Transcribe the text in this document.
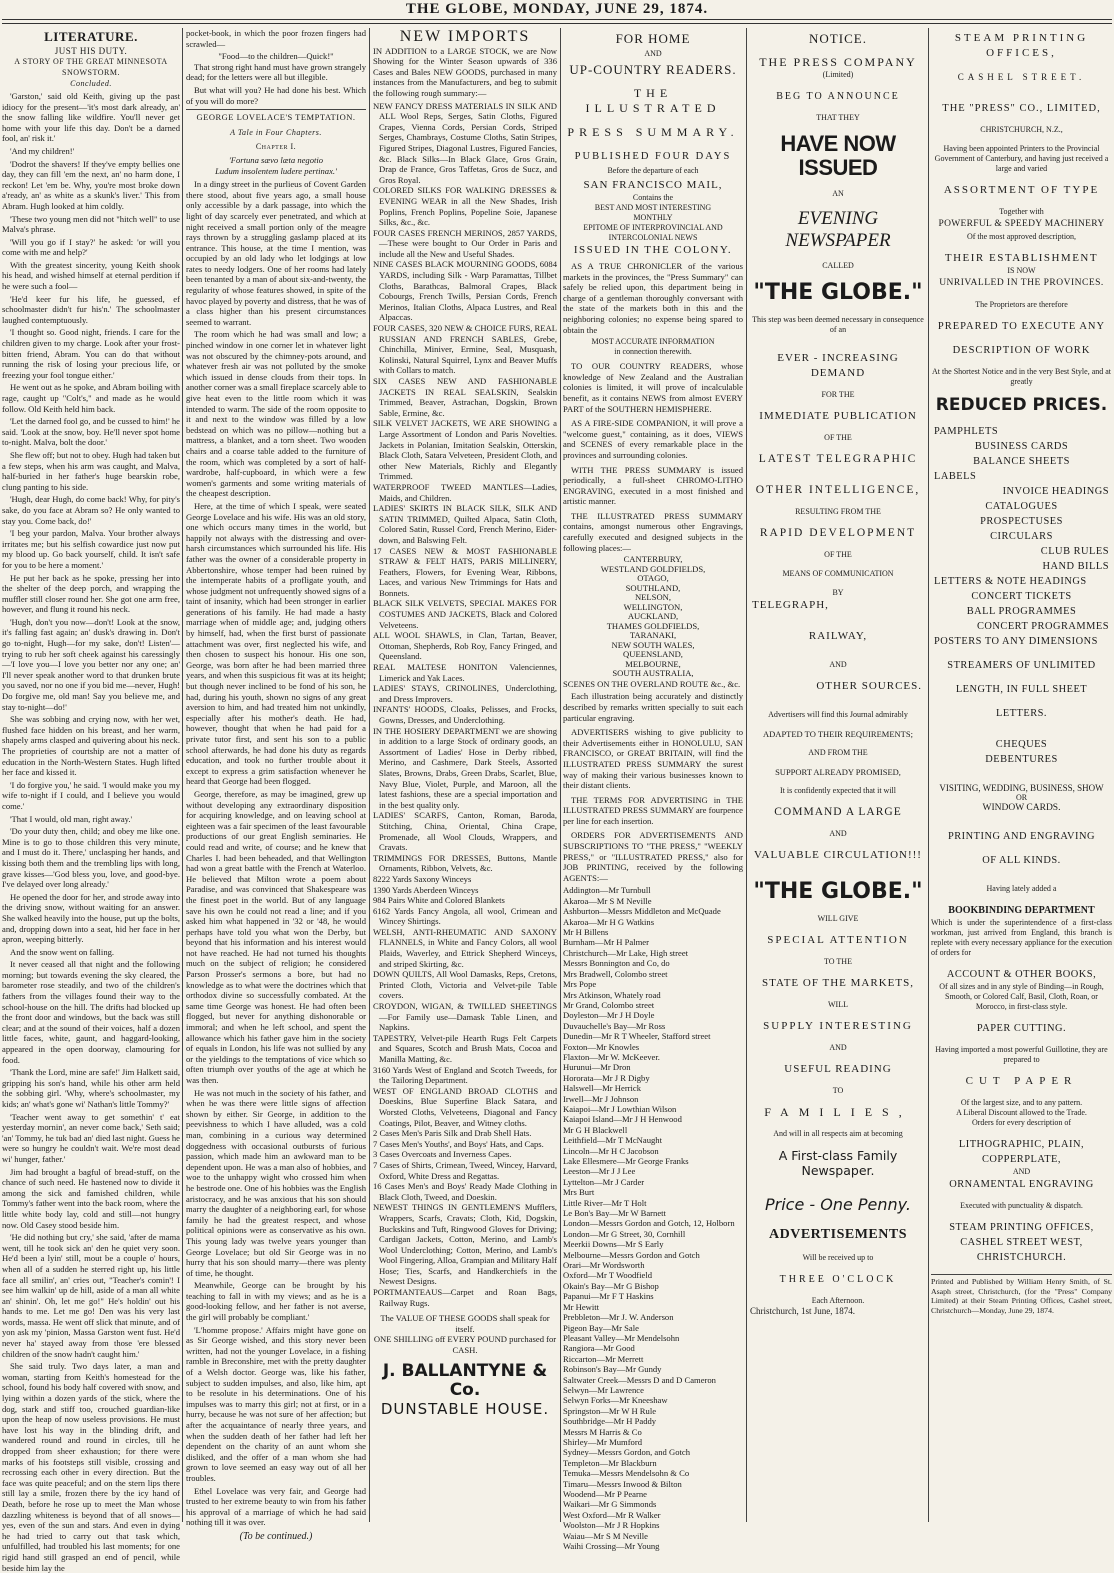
THE GLOBE, MONDAY, JUNE 29, 1874.
LITERATURE.
JUST HIS DUTY.
A STORY OF THE GREAT MINNESOTA SNOWSTORM.
Concluded.

'Garston,' said old Keith, giving up the past idiocy for the present—'it's most dark already, an' the snow falling like wildfire. You'll never get home with your life this day. Don't be a darned fool, an' risk it.'

'And my children!'

'Dodrot the shavers! If they've empty bellies one day, they can fill 'em the next, an' no harm done, I reckon! Let 'em be. Why, you're most broke down a'ready, an' as white as a skunk's liver.' This from Abram. Hugh looked at him coldly.

'These two young men did not "hitch well" to use Malva's phrase.

'Will you go if I stay?' he asked: 'or will you come with me and help?'

With the greatest sincerity, young Keith shook his head, and wished himself at eternal perdition if he were such a fool—

'He'd keer fur his life, he guessed, ef schoolmaster didn't fur his'n.' The schoolmaster laughed contemptuously.

'I thought so. Good night, friends. I care for the children given to my charge. Look after your frost-bitten friend, Abram. You can do that without running the risk of losing your precious life, or freezing your fool tongue either.'

He went out as he spoke, and Abram boiling with rage, caught up "Colt's," and made as he would follow. Old Keith held him back.

'Let the darned fool go, and be cussed to him!' he said. 'Look at the snow, boy. He'll never spot home to-night. Malva, bolt the door.'

She flew off; but not to obey. Hugh had taken but a few steps, when his arm was caught, and Malva, half-buried in her father's huge bearskin robe, clung panting to his side.

'Hugh, dear Hugh, do come back! Why, for pity's sake, do you face at Abram so? He only wanted to stay you. Come back, do!'

'I beg your pardon, Malva. Your brother always irritates me; but his selfish cowardice just now put my blood up. Go back yourself, child. It isn't safe for you to be here a moment.'

He put her back as he spoke, pressing her into the shelter of the deep porch, and wrapping the muffler still closer round her. She got one arm free, however, and flung it round his neck.

'Hugh, don't you now—don't! Look at the snow, it's falling fast again; an' dusk's drawing in. Don't go to-night, Hugh—for my sake, don't! Listen'—trying to rub her soft cheek against his caressingly—'I love you—I love you better nor any one; an' I'll never speak another word to that drunken brute you saved, nor no one if you bid me—never, Hugh! Do forgive me, old man! Say you believe me, and stay to-night—do!'

She was sobbing and crying now, with her wet, flushed face hidden on his breast, and her warm, shapely arms clasped and quivering about his neck. The proprieties of courtship are not a matter of education in the North-Western States. Hugh lifted her face and kissed it.

'I do forgive you,' he said. 'I would make you my wife to-night if I could, and I believe you would come.'

'That I would, old man, right away.'

'Do your duty then, child; and obey me like one. Mine is to go to those children this very minute, and I must do it. There,' unclasping her hands, and kissing both them and the trembling lips with long, grave kisses—'God bless you, love, and good-bye. I've delayed over long already.'

He opened the door for her, and strode away into the driving snow, without waiting for an answer. She walked heavily into the house, put up the bolts, and, dropping down into a seat, hid her face in her apron, weeping bitterly.

And the snow went on falling.

It never ceased all that night and the following morning; but towards evening the sky cleared, the barometer rose steadily, and two of the children's fathers from the villages found their way to the school-house on the hill. The drifts had blocked up the front door and windows, but the back was still clear; and at the sound of their voices, half a dozen little faces, white, gaunt, and haggard-looking, appeared in the open doorway, clamouring for food.

'Thank the Lord, mine are safe!' Jim Halkett said, gripping his son's hand, while his other arm held the sobbing girl. 'Why, where's schoolmaster, my kids; an' what's gone wi' Nathan's little Tommy?'

'Teacher went away to get somethin' t' eat yesterday mornin', an never come back,' Seth said; 'an' Tommy, he tuk bad an' died last night. Guess he were so hungry he couldn't wait. We're most dead wi' hunger, father.'

Jim had brought a bagful of bread-stuff, on the chance of such need. He hastened now to divide it among the sick and famished children, while Tommy's father went into the back room, where the little white body lay, cold and still—not hungry now. Old Casey stood beside him.

'He did nothing but cry,' she said, 'after de mama went, till he took sick an' den he quiet very soon. He'd been a lyin' still, mout be a couple o' hours, when all of a sudden he sterred right up, his little face all smilin', an' cries out, "Teacher's comin'! I see him walkin' up de hill, aside of a man all white an' shinin'. Oh, let me go!" He's holdin' out his hands to me. Let me go! Den was his very last words, massa. He went off slick that minute, and of yon ask my 'pinion, Massa Garston went fust. He'd never ha' stayed away from those 'ere blessed children of the snow hadn't caught him.'

She said truly. Two days later, a man and woman, starting from Keith's homestead for the school, found his body half covered with snow, and lying within a dozen yards of the stick, where the dog, stark and stiff too, crouched guardian-like upon the heap of now useless provisions. He must have lost his way in the blinding drift, and wandered round and round in circles, till he dropped from sheer exhaustion; for there were marks of his footsteps still visible, crossing and recrossing each other in every direction. But the face was quite peaceful; and on the stern lips there still lay a smile, frozen there by the icy hand of Death, before he rose up to meet the Man whose dazzling whiteness is beyond that of all snows—yes, even of the sun and stars. And even in dying he had tried to carry out that task which, unfulfilled, had troubled his last moments; for one rigid hand still grasped an end of pencil, while beside him lay the

pocket-book, in which the poor frozen fingers had scrawled—

"Food—to the children—Quick!"

That strong right hand must have grown strangely dead; for the letters were all but illegible.

But what will you? He had done his best. Which of you will do more?

GEORGE LOVELACE'S TEMPTATION.
A Tale in Four Chapters.
Chapter I.
'Fortuna sævo læta negotio
Ludum insolentem ludere pertinax.'

In a dingy street in the purlieus of Covent Garden there stood, about five years ago, a small house only accessible by a dark passage, into which the light of day scarcely ever penetrated, and which at night received a small portion only of the meagre rays thrown by a struggling gaslamp placed at its entrance. This house, at the time I mention, was occupied by an old lady who let lodgings at low rates to needy lodgers. One of her rooms had lately been tenanted by a man of about six-and-twenty, the regularity of whose features showed, in spite of the havoc played by poverty and distress, that he was of a class higher than his present circumstances seemed to warrant.

The room which he had was small and low; a pinched window in one corner let in whatever light was not obscured by the chimney-pots around, and whatever fresh air was not polluted by the smoke which issued in dense clouds from their tops. In another corner was a small fireplace scarcely able to give heat even to the little room which it was intended to warm. The side of the room opposite to it and next to the window was filled by a low bedstead on which was no pillow—nothing but a mattress, a blanket, and a torn sheet. Two wooden chairs and a coarse table added to the furniture of the room, which was completed by a sort of half-wardrobe, half-cupboard, in which were a few women's garments and some writing materials of the cheapest description.

Here, at the time of which I speak, were seated George Lovelace and his wife. His was an old story, one which occurs many times in the world, but happily not always with the distressing and over-harsh circumstances which surrounded his life. His father was the owner of a considerable property in Abbertonshire, whose temper had been ruined by the intemperate habits of a profligate youth, and whose judgment not unfrequently showed signs of a taint of insanity, which had been stronger in earlier generations of his family. He had made a hasty marriage when of middle age; and, judging others by himself, had, when the first burst of passionate attachment was over, first neglected his wife, and then chosen to suspect his honour. His one son, George, was born after he had been married three years, and when this suspicious fit was at its height; but though never inclined to be fond of his son, he had, during his youth, shown no signs of any great aversion to him, and had treated him not unkindly, especially after his mother's death. He had, however, thought that when he had paid for a private tutor first, and sent his son to a public school afterwards, he had done his duty as regards education, and took no further trouble about it except to express a grim satisfaction whenever he heard that George had been flogged.

George, therefore, as may be imagined, grew up without developing any extraordinary disposition for acquiring knowledge, and on leaving school at eighteen was a fair specimen of the least favourable productions of our great English seminaries. He could read and write, of course; and he knew that Charles I. had been beheaded, and that Wellington had won a great battle with the French at Waterloo. He believed that Milton wrote a poem about Paradise, and was convinced that Shakespeare was the finest poet in the world. But of any language save his own he could not read a line; and if you asked him what happened in '32 or '48, he would perhaps have told you what won the Derby, but beyond that his information and his interest would not have reached. He had not turned his thoughts much on the subject of religion; he considered Parson Prosser's sermons a bore, but had no knowledge as to what were the doctrines which that orthodox divine so successfully combated. At the same time George was honest. He had often been flogged, but never for anything dishonorable or immoral; and when he left school, and spent the allowance which his father gave him in the society of equals in London, his life was not sullied by any or the yieldings to the temptations of vice which so often triumph over youths of the age at which he was then.

He was not much in the society of his father, and when he was there were little signs of affection shown by either. Sir George, in addition to the peevishness to which I have alluded, was a cold man, combining in a curious way determined doggedness with occasional outbursts of furious passion, which made him an awkward man to be dependent upon. He was a man also of hobbies, and woe to the unhappy wight who crossed him when he bestrode one. One of his hobbies was the English aristocracy, and he was anxious that his son should marry the daughter of a neighboring earl, for whose family he had the greatest respect, and whose political opinions were as conservative as his own. This young lady was twelve years younger than George Lovelace; but old Sir George was in no hurry that his son should marry—there was plenty of time, he thought.

Meanwhile, George can be brought by his teaching to fall in with my views; and as he is a good-looking fellow, and her father is not averse, the girl will probably be compliant.'

'L'homme propose.' Affairs might have gone on as Sir George wished, and this story never been written, had not the younger Lovelace, in a fishing ramble in Breconshire, met with the pretty daughter of a Welsh doctor. George was, like his father, subject to sudden impulses, and also, like him, apt to be resolute in his determinations. One of his impulses was to marry this girl; not at first, or in a hurry, because he was not sure of her affection; but after the acquaintance of nearly three years, and when the sudden death of her father had left her dependent on the charity of an aunt whom she disliked, and the offer of a man whom she had grown to love seemed an easy way out of all her troubles.

Ethel Lovelace was very fair, and George had trusted to her extreme beauty to win from his father his approval of a marriage of which he had said nothing till it was over.

(To be continued.)
NEW IMPORTS

IN ADDITION to a LARGE STOCK, we are Now Showing for the Winter Season upwards of 336 Cases and Bales NEW GOODS, purchased in many instances from the Manufacturers, and beg to submit the following rough summary:—

NEW FANCY DRESS MATERIALS IN SILK AND ALL Wool Reps, Serges, Satin Cloths, Figured Crapes, Vienna Cords, Persian Cords, Striped Serges, Chambrays, Costume Cloths, Satin Stripes, Figured Stripes, Diagonal Lustres, Figured Fancies, &c. Black Silks—In Black Glace, Gros Grain, Drap de France, Gros Taffetas, Gros de Sucz, and Gros Royal.

COLORED SILKS FOR WALKING DRESSES & EVENING WEAR in all the New Shades, Irish Poplins, French Poplins, Popeline Soie, Japanese Silks, &c., &c.

FOUR CASES FRENCH MERINOS, 2857 YARDS,—These were bought to Our Order in Paris and include all the New and Useful Shades.

NINE CASES BLACK MOURNING GOODS, 6084 YARDS, including Silk - Warp Paramattas, Tillbet Cloths, Barathcas, Balmoral Crapes, Black Cobourgs, French Twills, Persian Cords, French Merinos, Italian Cloths, Alpaca Lustres, and Real Alpaccas.

FOUR CASES, 320 NEW & CHOICE FURS, REAL RUSSIAN AND FRENCH SABLES, Grebe, Chinchilla, Miniver, Ermine, Seal, Musquash, Kolinski, Natural Squirrel, Lynx and Beaver Muffs with Collars to match.

SIX CASES NEW AND FASHIONABLE JACKETS IN REAL SEALSKIN, Sealskin Trimmed, Beaver, Astrachan, Dogskin, Brown Sable, Ermine, &c.

SILK VELVET JACKETS, WE ARE SHOWING a Large Assortment of London and Paris Novelties. Jackets in Polanian, Imitation Sealskin, Otterskin, Black Cloth, Satara Velveteen, President Cloth, and other New Materials, Richly and Elegantly Trimmed.

WATERPROOF TWEED MANTLES—Ladies, Maids, and Children.

LADIES' SKIRTS IN BLACK SILK, SILK AND SATIN TRIMMED, Quilted Alpaca, Satin Cloth, Colored Satin, Russel Cord, French Merino, Eider-down, and Balswing Felt.

17 CASES NEW & MOST FASHIONABLE STRAW & FELT HATS, PARIS MILLINERY, Feathers, Flowers, for Evening Wear, Ribbons, Laces, and various New Trimmings for Hats and Bonnets.

BLACK SILK VELVETS, SPECIAL MAKES FOR COSTUMES AND JACKETS, Black and Colored Velveteens.

ALL WOOL SHAWLS, in Clan, Tartan, Beaver, Ottoman, Shepherds, Rob Roy, Fancy Fringed, and Queensland.

REAL MALTESE HONITON Valenciennes, Limerick and Yak Laces.

LADIES' STAYS, CRINOLINES, Underclothing, and Dress Improvers.

INFANTS' HOODS, Cloaks, Pelisses, and Frocks, Gowns, Dresses, and Underclothing.

IN THE HOSIERY DEPARTMENT we are showing in addition to a large Stock of ordinary goods, an Assortment of Ladies' Hose in Derby ribbed, Merino, and Cashmere, Dark Steels, Assorted Slates, Browns, Drabs, Green Drabs, Scarlet, Blue, Navy Blue, Violet, Purple, and Maroon, all the latest fashions, these are a special importation and in the best quality only.

LADIES' SCARFS, Canton, Roman, Baroda, Stitching, China, Oriental, China Crape, Promenade, all Wool Clouds, Wrappers, and Cravats.

TRIMMINGS FOR DRESSES, Buttons, Mantle Ornaments, Ribbon, Velvets, &c.

8222 Yards Saxony Winceys

1390 Yards Aberdeen Winceys

984 Pairs White and Colored Blankets

6162 Yards Fancy Angola, all wool, Crimean and Wincey Shirtings.

WELSH, ANTI-RHEUMATIC AND SAXONY FLANNELS, in White and Fancy Colors, all wool Plaids, Waverley, and Ettrick Shepherd Winceys, and striped Skirting, &c.

DOWN QUILTS, All Wool Damasks, Reps, Cretons, Printed Cloth, Victoria and Velvet-pile Table covers.

CROYDON, WIGAN, & TWILLED SHEETINGS—For Family use—Damask Table Linen, and Napkins.

TAPESTRY, Velvet-pile Hearth Rugs Felt Carpets and Squares, Scotch and Brush Mats, Cocoa and Manilla Matting, &c.

3160 Yards West of England and Scotch Tweeds, for the Tailoring Department.

WEST OF ENGLAND BROAD CLOTHS and Doeskins, Blue Superfine Black Satara, and Worsted Cloths, Velveteens, Diagonal and Fancy Coatings, Pilot, Beaver, and Witney cloths.

2 Cases Men's Paris Silk and Drab Shell Hats.

7 Cases Men's Youths', and Boys' Hats, and Caps.

3 Cases Overcoats and Inverness Capes.

7 Cases of Shirts, Crimean, Tweed, Wincey, Harvard, Oxford, White Dress and Regattas.

16 Cases Men's and Boys' Ready Made Clothing in Black Cloth, Tweed, and Doeskin.

NEWEST THINGS IN GENTLEMEN'S Mufflers, Wrappers, Scarfs, Cravats; Cloth, Kid, Dogskin, Buckskins and Tuft, Ringwood Gloves for Driving; Cardigan Jackets, Cotton, Merino, and Lamb's Wool Underclothing; Cotton, Merino, and Lamb's Wool Fingering, Alloa, Grampian and Military Half Hose; Ties, Scarfs, and Handkerchiefs in the Newest Designs.

PORTMANTEAUS—Carpet and Roan Bags, Railway Rugs.

The VALUE OF THESE GOODS shall speak for itself.
ONE SHILLING off EVERY POUND purchased for CASH.
J. BALLANTYNE & Co.
DUNSTABLE HOUSE.
FOR HOME
AND
UP-COUNTRY READERS.
THE ILLUSTRATED
PRESS SUMMARY.
PUBLISHED FOUR DAYS
Before the departure of each
SAN FRANCISCO MAIL,
Contains the
BEST AND MOST INTERESTING
MONTHLY
EPITOME OF INTERPROVINCIAL AND
INTERCOLONIAL NEWS
ISSUED IN THE COLONY.

AS A TRUE CHRONICLER of the various markets in the provinces, the "Press Summary" can safely be relied upon, this department being in charge of a gentleman thoroughly conversant with the state of the markets both in this and the neighboring colonies; no expense being spared to obtain the

MOST ACCURATE INFORMATION
in connection therewith.

TO OUR COUNTRY READERS, whose knowledge of New Zealand and the Australian colonies is limited, it will prove of incalculable benefit, as it contains NEWS from almost EVERY PART of the SOUTHERN HEMISPHERE.

AS A FIRE-SIDE COMPANION, it will prove a "welcome guest," containing, as it does, VIEWS and SCENES of every remarkable place in the provinces and surrounding colonies.

WITH THE PRESS SUMMARY is issued periodically, a full-sheet CHROMO-LITHO ENGRAVING, executed in a most finished and artistic manner.

THE ILLUSTRATED PRESS SUMMARY contains, amongst numerous other Engravings, carefully executed and designed subjects in the following places:—

CANTERBURY,
WESTLAND GOLDFIELDS,
OTAGO,
SOUTHLAND,
NELSON,
WELLINGTON,
AUCKLAND,
THAMES GOLDFIELDS,
TARANAKI,
NEW SOUTH WALES,
QUEENSLAND,
MELBOURNE,
SOUTH AUSTRALIA,

SCENES ON THE OVERLAND ROUTE &c., &c.

Each illustration being accurately and distinctly described by remarks written specially to suit each particular engraving.

ADVERTISERS wishing to give publicity to their Advertisements either in HONOLULU, SAN FRANCISCO, or GREAT BRITAIN, will find the ILLUSTRATED PRESS SUMMARY the surest way of making their various businesses known to their distant clients.

THE TERMS FOR ADVERTISING in THE ILLUSTRATED PRESS SUMMARY are fourpence per line for each insertion.

ORDERS FOR ADVERTISEMENTS AND SUBSCRIPTIONS TO "THE PRESS," "WEEKLY PRESS," or "ILLUSTRATED PRESS," also for JOB PRINTING, received by the following AGENTS:—

Addington—Mr Turnbull
Akaroa—Mr S M Neville
Ashburton—Messrs Middleton and McQuade
Akaroa—Mr H G Watkins
Mr H Billens
Burnham—Mr H Palmer
Christchurch—Mr Lake, High street
Messrs Bonnington and Co, do
Mrs Bradwell, Colombo street
Mrs Pope
Mrs Atkinson, Whately road
Mr Grand, Colombo street
Doyleston—Mr J H Doyle
Duvauchelle's Bay—Mr Ross
Dunedin—Mr R T Wheeler, Stafford street
Foxton—Mr Knowles
Flaxton—Mr W. McKeever.
Hurunui—Mr Dron
Hororata—Mr J R Digby
Halswell—Mr Herrick
Irwell—Mr J Johnson
Kaiapoi—Mr J Lowthian Wilson
Kaiapoi Island—Mr J H Henwood
Mr G H Blackwell
Leithfield—Mr T McNaught
Lincoln—Mr H C Jacobson
Lake Ellesmere—Mr George Franks
Leeston—Mr J J Lee
Lyttelton—Mr J Carder
Mrs Burt
Little River—Mr T Holt
Le Bon's Bay—Mr W Barnett
London—Messrs Gordon and Gotch, 12, Holborn
London—Mr G Street, 30, Cornhill
Meerkii Downs—Mr S Early
Melbourne—Messrs Gordon and Gotch
Orari—Mr Wordsworth
Oxford—Mr T Woodfield
Okain's Bay—Mr G Bishop
Papanui—Mr F T Haskins
Mr Hewitt
Prebbleton—Mr J. W. Anderson
Pigeon Bay—Mr Sale
Pleasant Valley—Mr Mendelsohn
Rangiora—Mr Good
Riccarton—Mr Merrett
Robinson's Bay—Mr Gundy
Saltwater Creek—Messrs D and D Cameron
Selwyn—Mr Lawrence
Selwyn Forks—Mr Kneeshaw
Springston—Mr W H Rule
Southbridge—Mr H Paddy
Messrs M Harris & Co
Shirley—Mr Mumford
Sydney—Messrs Gordon, and Gotch
Templeton—Mr Blackburn
Temuka—Messrs Mendelsohn & Co
Timaru—Messrs Inwood & Bilton
Woodend—Mr P Pearne
Waikari—Mr G Simmonds
West Oxford—Mr R Walker
Woolston—Mr J R Hopkins
Waiau—Mr S M Neville
Waihi Crossing—Mr Young
NOTICE.
THE PRESS COMPANY
(Limited)
BEG TO ANNOUNCE
THAT THEY
HAVE NOW ISSUED
AN
EVENING NEWSPAPER
CALLED
"THE GLOBE."
This step was been deemed necessary in consequence of an
EVER - INCREASING DEMAND
FOR THE
IMMEDIATE PUBLICATION
OF THE
LATEST TELEGRAPHIC
OTHER INTELLIGENCE,
RESULTING FROM THE
RAPID DEVELOPMENT
OF THE
MEANS OF COMMUNICATION
BY
TELEGRAPH,
RAILWAY,
AND
OTHER SOURCES.
Advertisers will find this Journal admirably
ADAPTED TO THEIR REQUIREMENTS;
AND FROM THE
SUPPORT ALREADY PROMISED,
It is confidently expected that it will
COMMAND A LARGE
AND
VALUABLE CIRCULATION!!!
"THE GLOBE."
WILL GIVE
SPECIAL ATTENTION
TO THE
STATE OF THE MARKETS,
WILL
SUPPLY INTERESTING
AND
USEFUL READING
TO
FAMILIES,
And will in all respects aim at becoming
A First-class Family Newspaper.
Price - One Penny.
ADVERTISEMENTS
Will be received up to
THREE O'CLOCK
Each Afternoon.
Christchurch, 1st June, 1874.
STEAM PRINTING OFFICES,
CASHEL STREET.
THE "PRESS" CO., LIMITED,
CHRISTCHURCH, N.Z.,
Having been appointed Printers to the Provincial Government of Canterbury, and having just received a large and varied
ASSORTMENT OF TYPE
Together with
POWERFUL & SPEEDY MACHINERY
Of the most approved description,
THEIR ESTABLISHMENT
IS NOW
UNRIVALLED IN THE PROVINCES.
The Proprietors are therefore
PREPARED TO EXECUTE ANY
DESCRIPTION OF WORK
At the Shortest Notice and in the very Best Style, and at greatly
REDUCED PRICES.
PAMPHLETS
BUSINESS CARDS
BALANCE SHEETS
LABELS
INVOICE HEADINGS
CATALOGUES
PROSPECTUSES
CIRCULARS
CLUB RULES
HAND BILLS
LETTERS & NOTE HEADINGS
CONCERT TICKETS
BALL PROGRAMMES
CONCERT PROGRAMMES
POSTERS TO ANY DIMENSIONS
STREAMERS OF UNLIMITED
LENGTH, IN FULL SHEET
LETTERS.
CHEQUES
DEBENTURES
VISITING, WEDDING, BUSINESS, SHOW
OR
WINDOW CARDS.
PRINTING AND ENGRAVING
OF ALL KINDS.
Having lately added a
BOOKBINDING DEPARTMENT
Which is under the superintendence of a first-class workman, just arrived from England, this branch is replete with every necessary appliance for the execution of orders for
ACCOUNT & OTHER BOOKS,
Of all sizes and in any style of Binding—in Rough, Smooth, or Colored Calf, Basil, Cloth, Roan, or Morocco, in first-class style.
PAPER CUTTING.
Having imported a most powerful Guillotine, they are prepared to
CUT PAPER
Of the largest size, and to any pattern.
A Liberal Discount allowed to the Trade.
Orders for every description of
LITHOGRAPHIC, PLAIN,
COPPERPLATE,
AND
ORNAMENTAL ENGRAVING
Executed with punctuality & dispatch.
STEAM PRINTING OFFICES,
CASHEL STREET WEST,
CHRISTCHURCH.
Printed and Published by William Henry Smith, of St. Asaph street, Christchurch, (for the "Press" Company Limited) at their Steam Printing Offices, Cashel street, Christchurch—Monday, June 29, 1874.
